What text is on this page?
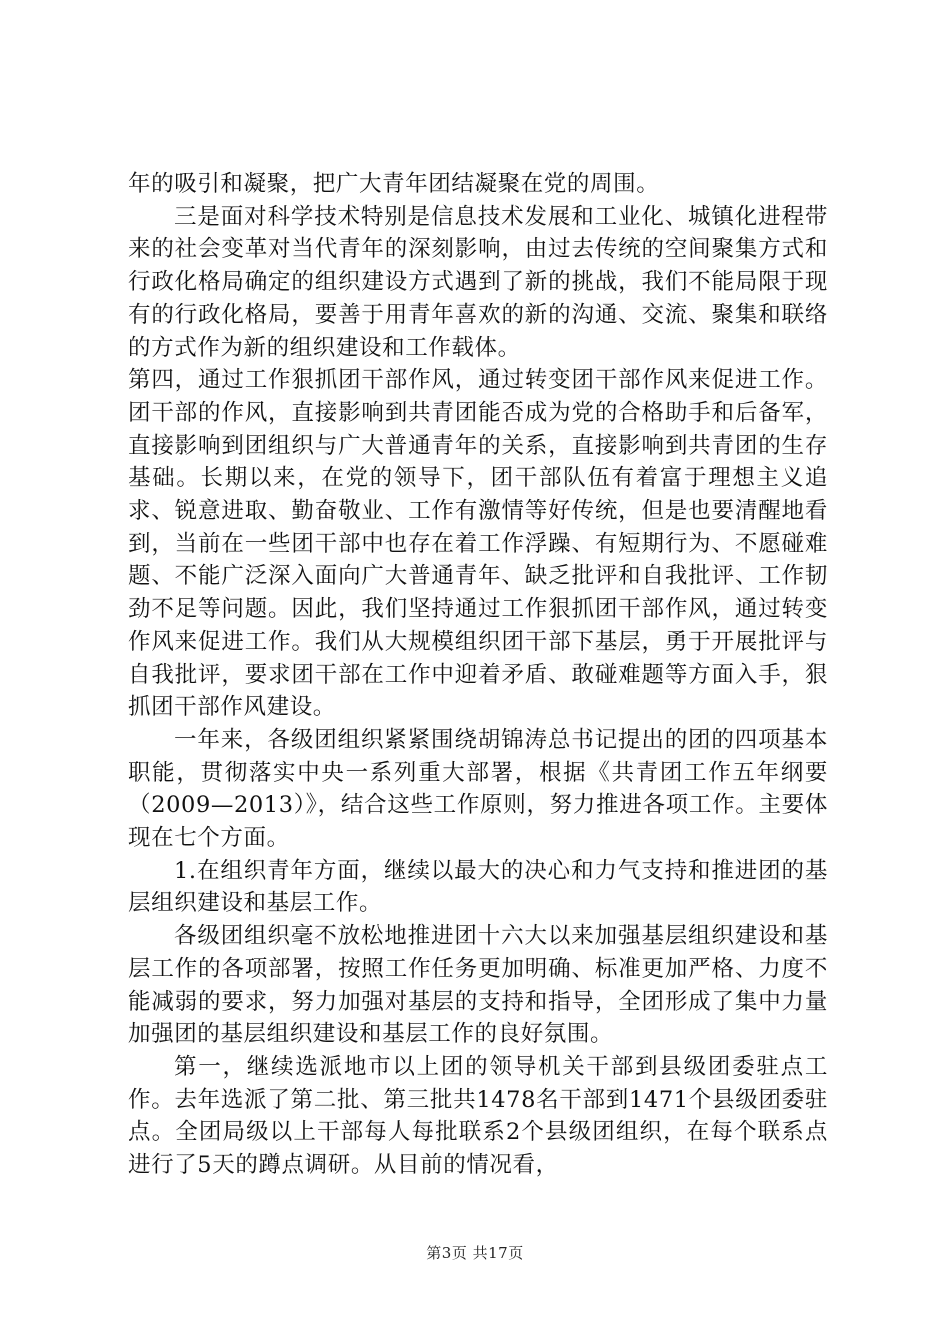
年的吸引和凝聚，把广大青年团结凝聚在党的周围。

三是面对科学技术特别是信息技术发展和工业化、城镇化进程带来的社会变革对当代青年的深刻影响，由过去传统的空间聚集方式和行政化格局确定的组织建设方式遇到了新的挑战，我们不能局限于现有的行政化格局，要善于用青年喜欢的新的沟通、交流、聚集和联络的方式作为新的组织建设和工作载体。

第四，通过工作狠抓团干部作风，通过转变团干部作风来促进工作。团干部的作风，直接影响到共青团能否成为党的合格助手和后备军，直接影响到团组织与广大普通青年的关系，直接影响到共青团的生存基础。长期以来，在党的领导下，团干部队伍有着富于理想主义追求、锐意进取、勤奋敬业、工作有激情等好传统，但是也要清醒地看到，当前在一些团干部中也存在着工作浮躁、有短期行为、不愿碰难题、不能广泛深入面向广大普通青年、缺乏批评和自我批评、工作韧劲不足等问题。因此，我们坚持通过工作狠抓团干部作风，通过转变作风来促进工作。我们从大规模组织团干部下基层，勇于开展批评与自我批评，要求团干部在工作中迎着矛盾、敢碰难题等方面入手，狠抓团干部作风建设。

一年来，各级团组织紧紧围绕胡锦涛总书记提出的团的四项基本职能，贯彻落实中央一系列重大部署，根据《共青团工作五年纲要（2009—2013）》，结合这些工作原则，努力推进各项工作。主要体现在七个方面。

1.在组织青年方面，继续以最大的决心和力气支持和推进团的基层组织建设和基层工作。

各级团组织毫不放松地推进团十六大以来加强基层组织建设和基层工作的各项部署，按照工作任务更加明确、标准更加严格、力度不能减弱的要求，努力加强对基层的支持和指导，全团形成了集中力量加强团的基层组织建设和基层工作的良好氛围。

第一，继续选派地市以上团的领导机关干部到县级团委驻点工作。去年选派了第二批、第三批共1478名干部到1471个县级团委驻点。全团局级以上干部每人每批联系2个县级团组织，在每个联系点进行了5天的蹲点调研。从目前的情况看，

第3页 共17页
